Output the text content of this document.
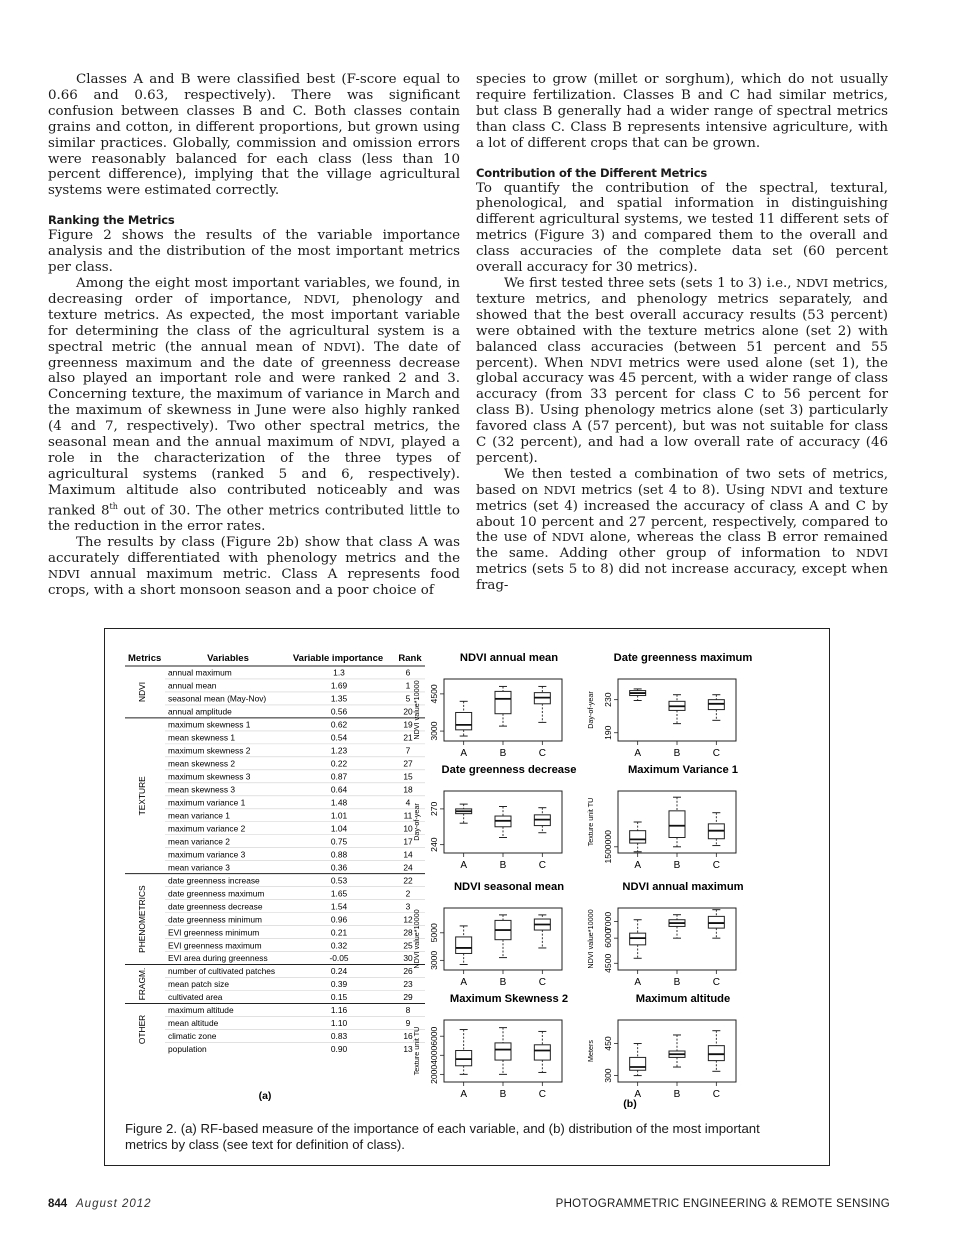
Classes A and B were classified best (F-score equal to 0.66 and 0.63, respectively). There was significant confusion between classes B and C. Both classes contain grains and cotton, in different proportions, but grown using similar practices. Globally, commission and omission errors were reasonably balanced for each class (less than 10 percent difference), implying that the village agricultural systems were estimated correctly.

Ranking the Metrics

Figure 2 shows the results of the variable importance analysis and the distribution of the most important metrics per class.

Among the eight most important variables, we found, in decreasing order of importance, NDVI, phenology and texture metrics. As expected, the most important variable for determining the class of the agricultural system is a spectral metric (the annual mean of NDVI). The date of greenness maximum and the date of greenness decrease also played an important role and were ranked 2 and 3. Concerning texture, the maximum of variance in March and the maximum of skewness in June were also highly ranked (4 and 7, respectively). Two other spectral metrics, the seasonal mean and the annual maximum of NDVI, played a role in the characterization of the three types of agricultural systems (ranked 5 and 6, respectively). Maximum altitude also contributed noticeably and was ranked 8th out of 30. The other metrics contributed little to the reduction in the error rates.

The results by class (Figure 2b) show that class A was accurately differentiated with phenology metrics and the NDVI annual maximum metric. Class A represents food crops, with a short monsoon season and a poor choice of

species to grow (millet or sorghum), which do not usually require fertilization. Classes B and C had similar metrics, but class B generally had a wider range of spectral metrics than class C. Class B represents intensive agriculture, with a lot of different crops that can be grown.

Contribution of the Different Metrics

To quantify the contribution of the spectral, textural, phenological, and spatial information in distinguishing different agricultural systems, we tested 11 different sets of metrics (Figure 3) and compared them to the overall and class accuracies of the complete data set (60 percent overall accuracy for 30 metrics).

We first tested three sets (sets 1 to 3) i.e., NDVI metrics, texture metrics, and phenology metrics separately, and showed that the best overall accuracy results (53 percent) were obtained with the texture metrics alone (set 2) with balanced class accuracies (between 51 percent and 55 percent). When NDVI metrics were used alone (set 1), the global accuracy was 45 percent, with a wider range of class accuracy (from 33 percent for class C to 56 percent for class B). Using phenology metrics alone (set 3) particularly favored class A (57 percent), but was not suitable for class C (32 percent), and had a low overall rate of accuracy (46 percent).

We then tested a combination of two sets of metrics, based on NDVI metrics (set 4 to 8). Using NDVI and texture metrics (set 4) increased the accuracy of class A and C by about 10 percent and 27 percent, respectively, compared to the use of NDVI alone, whereas the class B error remained the same. Adding other group of information to NDVI metrics (sets 5 to 8) did not increase accuracy, except when frag-

Metrics	Variables	Variable importance Rank
annual maximum	1.3	6
annual mean	1.69	1
seasonal mean (May-Nov)	1.35	5
annual amplitude	0.56	20
NDVI
maximum skewness 1	0.62	19
mean skewness 1	0.54	21
maximum skewness 2	1.23	7
mean skewness 2	0.22	27
maximum skewness 3	0.87	15
mean skewness 3	0.64	18
maximum variance 1	1.48	4
mean variance 1	1.01	11
maximum variance 2	1.04	10
mean variance 2	0.75	17
maximum variance 3	0.88	14
mean variance 3	0.36	24
TEXTURE
date greenness increase	0.53	22
date greenness maximum	1.65	2
date greenness decrease	1.54	3
date greenness minimum	0.96	12
EVI greenness minimum	0.21	28
EVI greenness maximum	0.32	25
EVI area during greenness	-0.05	30
PHENOMETRICS
number of cultivated patches	0.24	26
mean patch size	0.39	23
cultivated area	0.15	29
FRAGM.
maximum altitude	1.16	8
mean altitude	1.10	9
climatic zone	0.83	16
population	0.90	13
OTHER
(a)
NDVI annual mean
3000
4500
NDVI value*10000
A	B	C
Date greenness maximum
190
230
Day-of-year
A	B	C
Date greenness decrease
240
270
Day-of-year
A	B	C
Maximum Variance 1
1500000
Texture unit TU
A	B	C
NDVI seasonal mean
3000
5000
NDVI value*10000
A	B	C
NDVI annual maximum
4500
6000
7000
NDVI value*10000
A	B	C
Maximum Skewness 2
2000
4000
6000
Texture unit TU
A	B	C
Maximum altitude
300
450
Meters
A	B	C
(b)
Figure 2. (a) RF-based measure of the importance of each variable, and (b) distribution of the most important metrics by class (see text for definition of class).
844 August 2012	PHOTOGRAMMETRIC ENGINEERING & REMOTE SENSING
